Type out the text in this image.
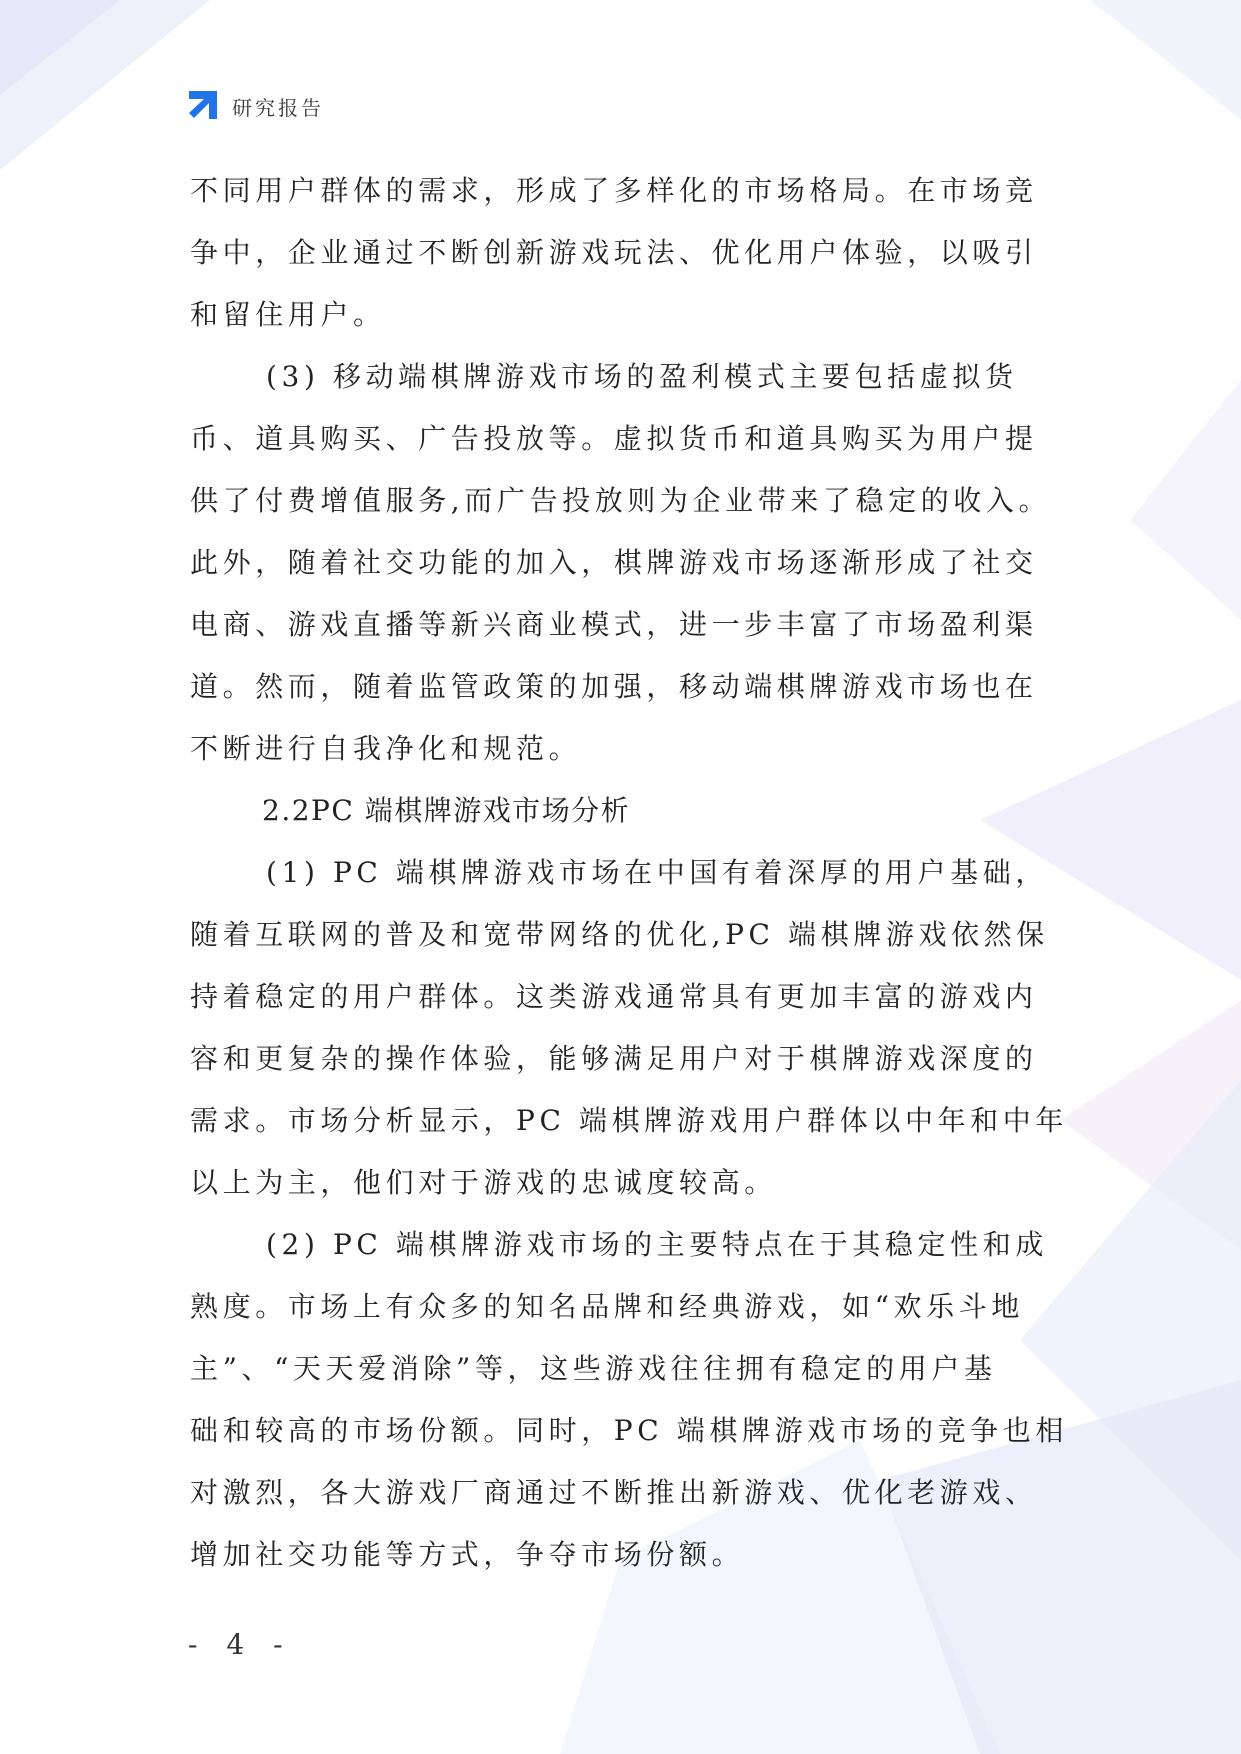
研究报告
不同用户群体的需求，形成了多样化的市场格局。在市场竞
争中，企业通过不断创新游戏玩法、优化用户体验，以吸引
和留住用户。
(3) 移动端棋牌游戏市场的盈利模式主要包括虚拟货
币、道具购买、广告投放等。虚拟货币和道具购买为用户提
供了付费增值服务,而广告投放则为企业带来了稳定的收入。
此外，随着社交功能的加入，棋牌游戏市场逐渐形成了社交
电商、游戏直播等新兴商业模式，进一步丰富了市场盈利渠
道。然而，随着监管政策的加强，移动端棋牌游戏市场也在
不断进行自我净化和规范。
2.2PC 端棋牌游戏市场分析
(1) PC 端棋牌游戏市场在中国有着深厚的用户基础，
随着互联网的普及和宽带网络的优化,PC 端棋牌游戏依然保
持着稳定的用户群体。这类游戏通常具有更加丰富的游戏内
容和更复杂的操作体验，能够满足用户对于棋牌游戏深度的
需求。市场分析显示，PC 端棋牌游戏用户群体以中年和中年
以上为主，他们对于游戏的忠诚度较高。
(2) PC 端棋牌游戏市场的主要特点在于其稳定性和成
熟度。市场上有众多的知名品牌和经典游戏，如“欢乐斗地
主”、“天天爱消除”等，这些游戏往往拥有稳定的用户基
础和较高的市场份额。同时，PC 端棋牌游戏市场的竞争也相
对激烈，各大游戏厂商通过不断推出新游戏、优化老游戏、
增加社交功能等方式，争夺市场份额。
- 4 -
